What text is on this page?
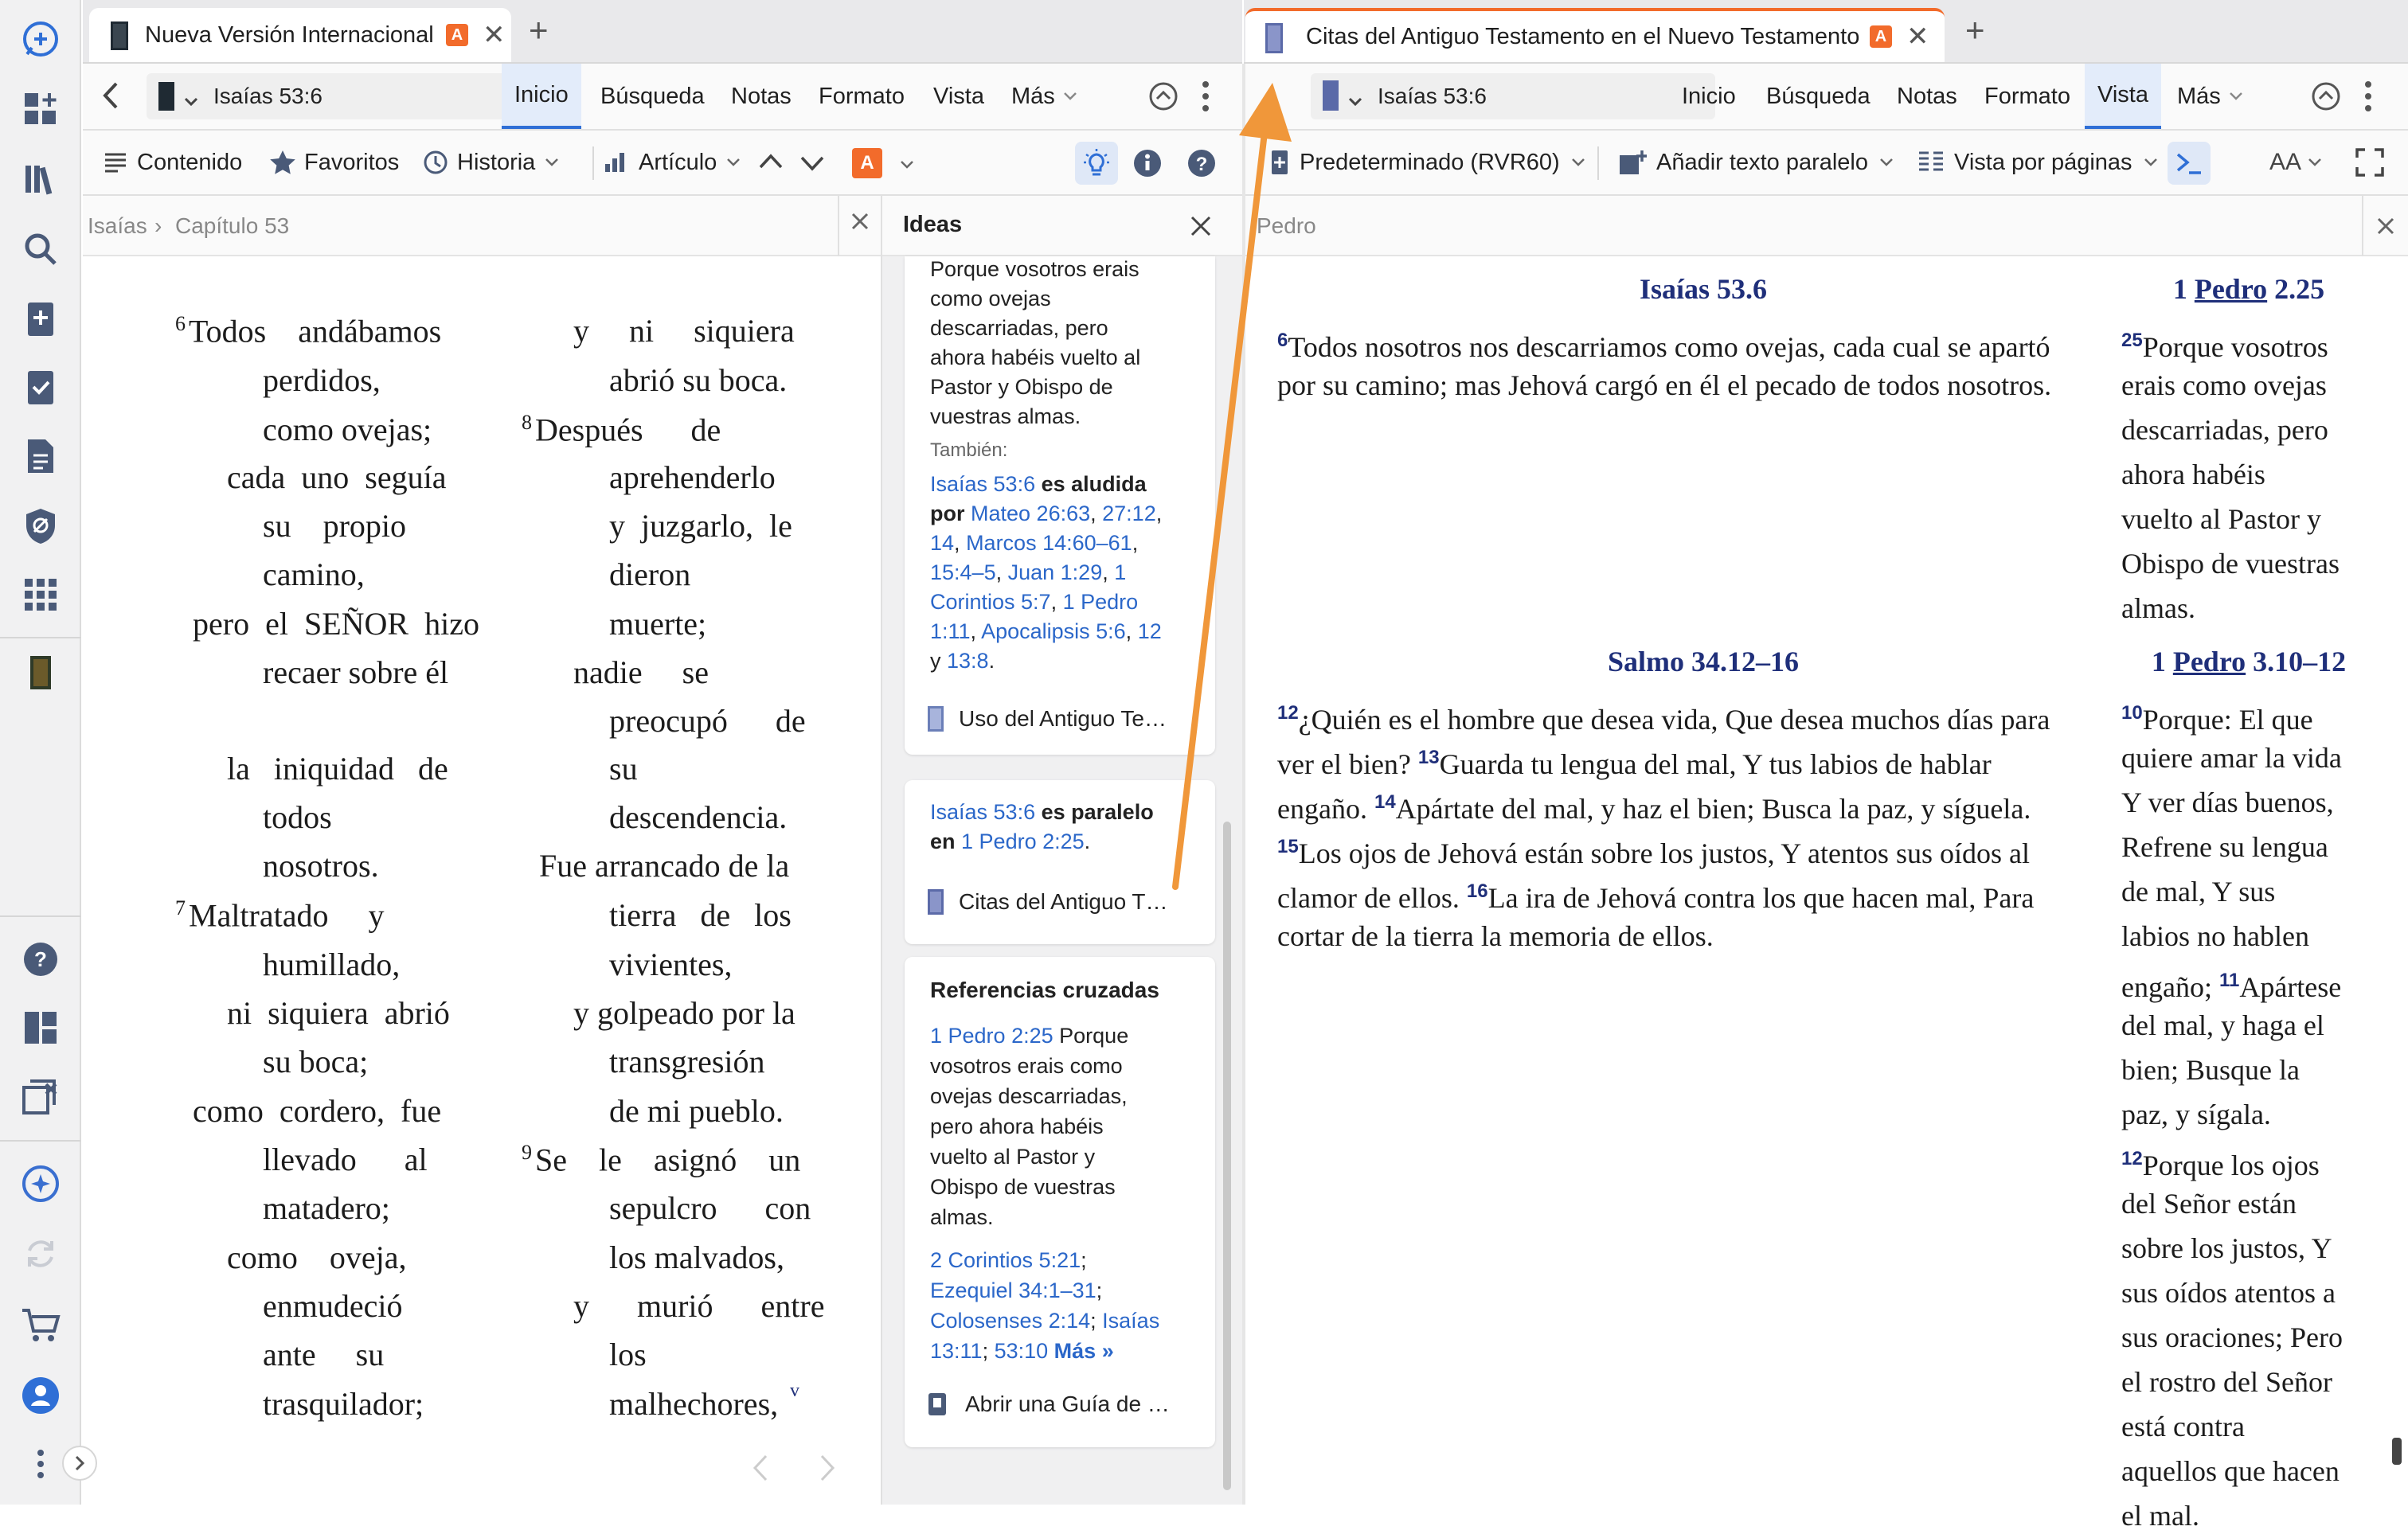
?
Nueva Versión Internacional	A ✕ +	Citas del Antiguo Testamento en el Nuevo Testamento A ✕ +
Isaías 53:6
Inicio	Búsqueda	Notas	Formato	Vista	Más
Isaías 53:6	Inicio	Búsqueda	Notas	Formato	Vista	Más
Contenido	Favoritos	Historia	Artículo	A	?	Predeterminado (RVR60)	Añadir texto paralelo	Vista por páginas	AA
Isaías › Capítulo 53
$^6$ Todos    andábamos
perdidos,
como ovejas;
cada  uno  seguía
su    propio
camino,
pero  el  SEÑOR  hizo
recaer sobre él
la   iniquidad   de
todos
nosotros.
$^7$ Maltratado     y
humillado,
ni  siquiera  abrió
su boca;
como  cordero,  fue
llevado      al
matadero;
como    oveja,
enmudeció
ante     su
trasquilador;
y     ni     siquiera
abrió su boca.
$^8$ Después      de
aprehenderlo
y  juzgarlo,  le
dieron
muerte;
nadie     se
preocupó      de
su
descendencia.
Fue arrancado de la
tierra   de   los
vivientes,
y golpeado por la
transgresión
de mi pueblo.
$^9$ Se    le    asignó    un
sepulcro      con
los malvados,
y      murió      entre
los
malhechores, v
Ideas
Porque vosotros erais
como ovejas
descarriadas, pero
ahora habéis vuelto al
Pastor y Obispo de
vuestras almas.
También:
Isaías 53:6 es aludida
por Mateo 26:63, 27:12,
14, Marcos 14:60–61,
15:4–5, Juan 1:29, 1
Corintios 5:7, 1 Pedro
1:11, Apocalipsis 5:6, 12
y 13:8.
Uso del Antiguo Te…
Isaías 53:6 es paralelo
en 1 Pedro 2:25.
Citas del Antiguo T…
Referencias cruzadas
1 Pedro 2:25 Porque
vosotros erais como
ovejas descarriadas,
pero ahora habéis
vuelto al Pastor y
Obispo de vuestras
almas.
2 Corintios 5:21;
Ezequiel 34:1–31;
Colosenses 2:14; Isaías
13:11; 53:10 Más »
Abrir una Guía de …
Pedro
Isaías 53.6
$^6$Todos nosotros nos descarriamos como ovejas, cada cual se apartó
por su camino; mas Jehová cargó en él el pecado de todos nosotros.
Salmo 34.12–16
$^{12}$¿Quién es el hombre que desea vida, Que desea muchos días para
ver el bien? $^{13}$Guarda tu lengua del mal, Y tus labios de hablar
engaño. $^{14}$Apártate del mal, y haz el bien; Busca la paz, y síguela.
$^{15}$Los ojos de Jehová están sobre los justos, Y atentos sus oídos al
clamor de ellos. $^{16}$La ira de Jehová contra los que hacen mal, Para
cortar de la tierra la memoria de ellos.
1 Pedro 2.25
$^{25}$Porque vosotros
erais como ovejas
descarriadas, pero
ahora habéis
vuelto al Pastor y
Obispo de vuestras
almas.
1 Pedro 3.10–12
$^{10}$Porque: El que
quiere amar la vida
Y ver días buenos,
Refrene su lengua
de mal, Y sus
labios no hablen
engaño; $^{11}$Apártese
del mal, y haga el
bien; Busque la
paz, y sígala.
$^{12}$Porque los ojos
del Señor están
sobre los justos, Y
sus oídos atentos a
sus oraciones; Pero
el rostro del Señor
está contra
aquellos que hacen
el mal.
